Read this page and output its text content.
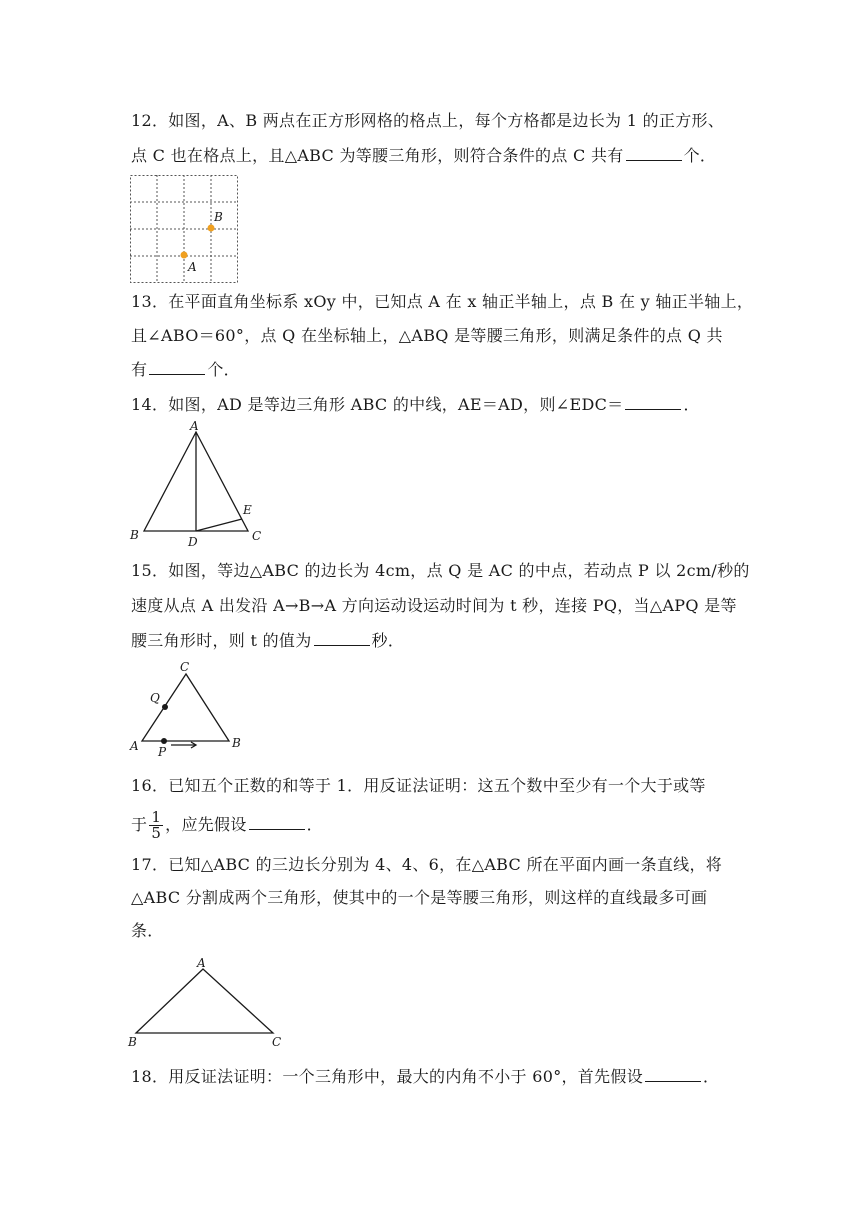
12．如图，A、B 两点在正方形网格的格点上，每个方格都是边长为 1 的正方形、
点 C 也在格点上，且△ABC 为等腰三角形，则符合条件的点 C 共有	个．
A
B
13．在平面直角坐标系 xOy 中，已知点 A 在 x 轴正半轴上，点 B 在 y 轴正半轴上，
且∠ABO＝60°，点 Q 在坐标轴上，△ABQ 是等腰三角形，则满足条件的点 Q 共
有	个．
14．如图，AD 是等边三角形 ABC 的中线，AE＝AD，则∠EDC＝	．
A
B	C
D
E
15．如图，等边△ABC 的边长为 4cm，点 Q 是 AC 的中点，若动点 P 以 2cm/秒的
速度从点 A 出发沿 A→B→A 方向运动设运动时间为 t 秒，连接 PQ，当△APQ 是等
腰三角形时，则 t 的值为	秒．
C
Q
A	B
P
16．已知五个正数的和等于 1．用反证法证明：这五个数中至少有一个大于或等
于 $\frac{1}{5}$ ，应先假设	．
17．已知△ABC 的三边长分别为 4、4、6，在△ABC 所在平面内画一条直线，将
△ABC 分割成两个三角形，使其中的一个是等腰三角形，则这样的直线最多可画
条．
A
B	C
18．用反证法证明：一个三角形中，最大的内角不小于 60°，首先假设	．
